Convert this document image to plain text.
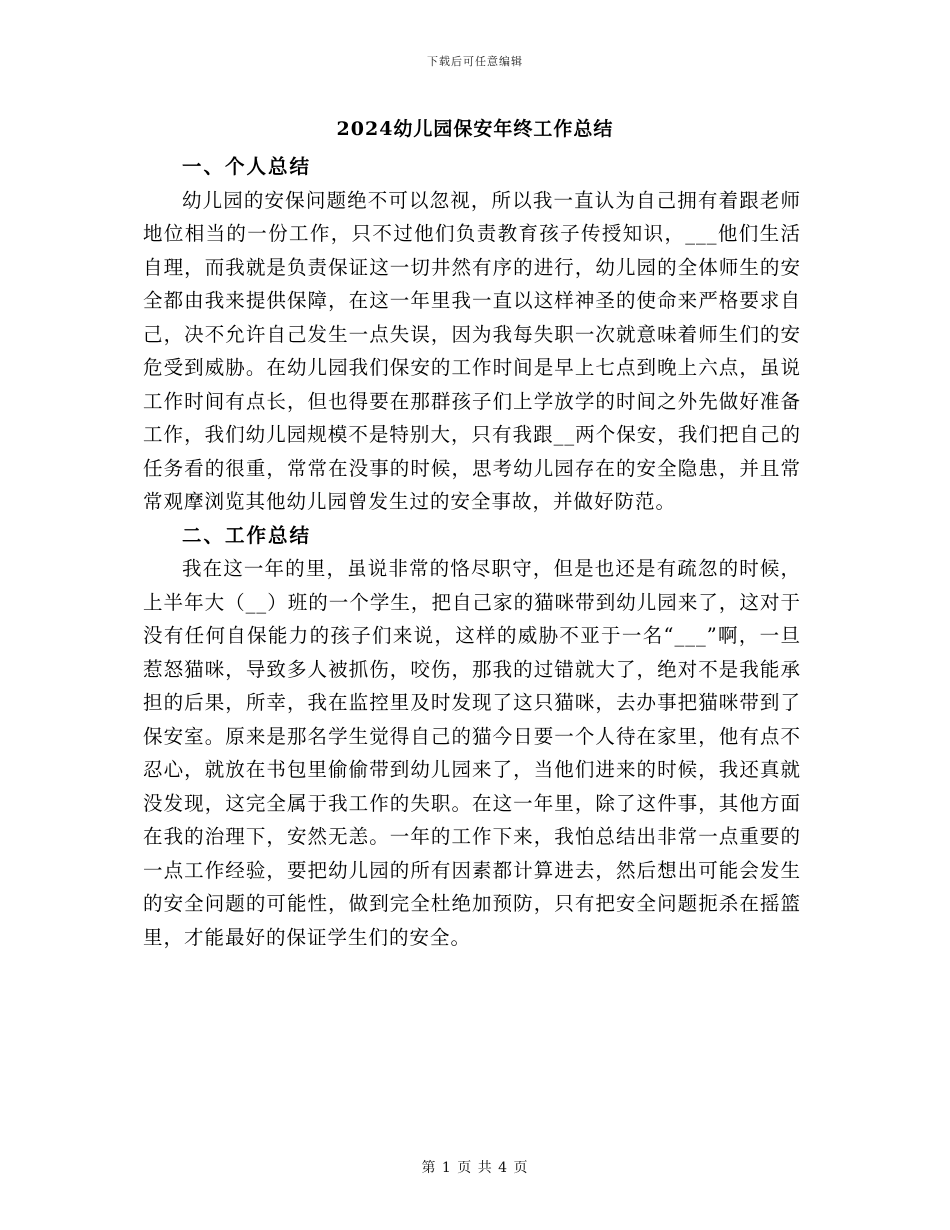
下载后可任意编辑
2024幼儿园保安年终工作总结

一、个人总结

幼儿园的安保问题绝不可以忽视，所以我一直认为自己拥有着跟老师地位相当的一份工作，只不过他们负责教育孩子传授知识，___他们生活自理，而我就是负责保证这一切井然有序的进行，幼儿园的全体师生的安全都由我来提供保障，在这一年里我一直以这样神圣的使命来严格要求自己，决不允许自己发生一点失误，因为我每失职一次就意味着师生们的安危受到威胁。在幼儿园我们保安的工作时间是早上七点到晚上六点，虽说工作时间有点长，但也得要在那群孩子们上学放学的时间之外先做好准备工作，我们幼儿园规模不是特别大，只有我跟__两个保安，我们把自己的任务看的很重，常常在没事的时候，思考幼儿园存在的安全隐患，并且常常观摩浏览其他幼儿园曾发生过的安全事故，并做好防范。

二、工作总结

我在这一年的里，虽说非常的恪尽职守，但是也还是有疏忽的时候，上半年大（__）班的一个学生，把自己家的猫咪带到幼儿园来了，这对于没有任何自保能力的孩子们来说，这样的威胁不亚于一名“___”啊，一旦惹怒猫咪，导致多人被抓伤，咬伤，那我的过错就大了，绝对不是我能承担的后果，所幸，我在监控里及时发现了这只猫咪，去办事把猫咪带到了保安室。原来是那名学生觉得自己的猫今日要一个人待在家里，他有点不忍心，就放在书包里偷偷带到幼儿园来了，当他们进来的时候，我还真就没发现，这完全属于我工作的失职。在这一年里，除了这件事，其他方面在我的治理下，安然无恙。一年的工作下来，我怕总结出非常一点重要的一点工作经验，要把幼儿园的所有因素都计算进去，然后想出可能会发生的安全问题的可能性，做到完全杜绝加预防，只有把安全问题扼杀在摇篮里，才能最好的保证学生们的安全。

第 1 页 共 4 页
